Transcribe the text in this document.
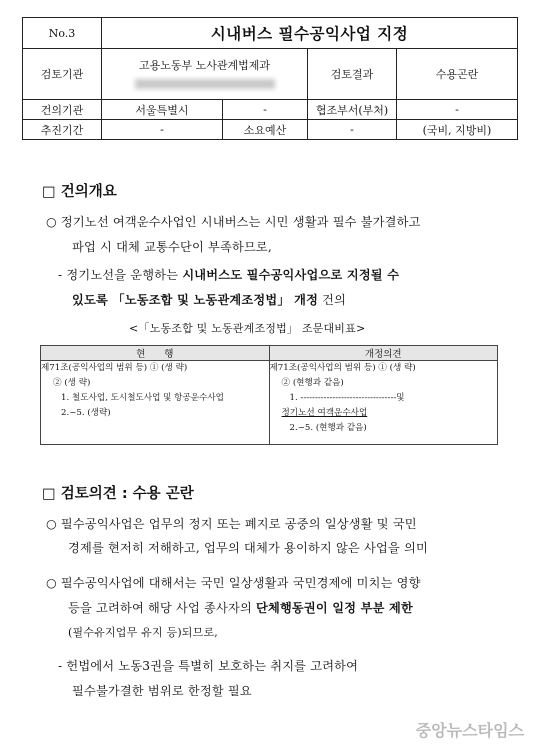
No.3	시내버스 필수공익사업 지정			
검토기관	고용노동부 노사관계법제과		검토결과	수용곤란
건의기관	서울특별시	-	협조부서(부처)	-
추진기간	-	소요예산	-	(국비, 지방비)
□ 건의개요
○ 정기노선 여객운수사업인 시내버스는 시민 생활과 필수 불가결하고
파업 시 대체 교통수단이 부족하므로,
- 정기노선을 운행하는 시내버스도 필수공익사업으로 지정될 수
있도록 「노동조합 및 노동관계조정법」 개정 건의
<「노동조합 및 노동관계조정법」 조문대비표>
현　　행	개정의견

제71조(공익사업의 범위 등) ① (생 략)
② (생 략)
1. 철도사업, 도시철도사업 및 항공운수사업
2.~5. (생략)	제71조(공익사업의 범위 등) ① (생 략)
② (현행과 같음)
1. ---------------------------------및
정기노선 여객운수사업
2.~5. (현행과 같음)
□ 검토의견 : 수용 곤란
○ 필수공익사업은 업무의 정지 또는 폐지로 공중의 일상생활 및 국민
경제를 현저히 저해하고, 업무의 대체가 용이하지 않은 사업을 의미
○ 필수공익사업에 대해서는 국민 일상생활과 국민경제에 미치는 영향
등을 고려하여 해당 사업 종사자의 단체행동권이 일정 부분 제한
(필수유지업무 유지 등)되므로,
- 헌법에서 노동3권을 특별히 보호하는 취지를 고려하여
필수불가결한 범위로 한정할 필요
중앙뉴스타임스
